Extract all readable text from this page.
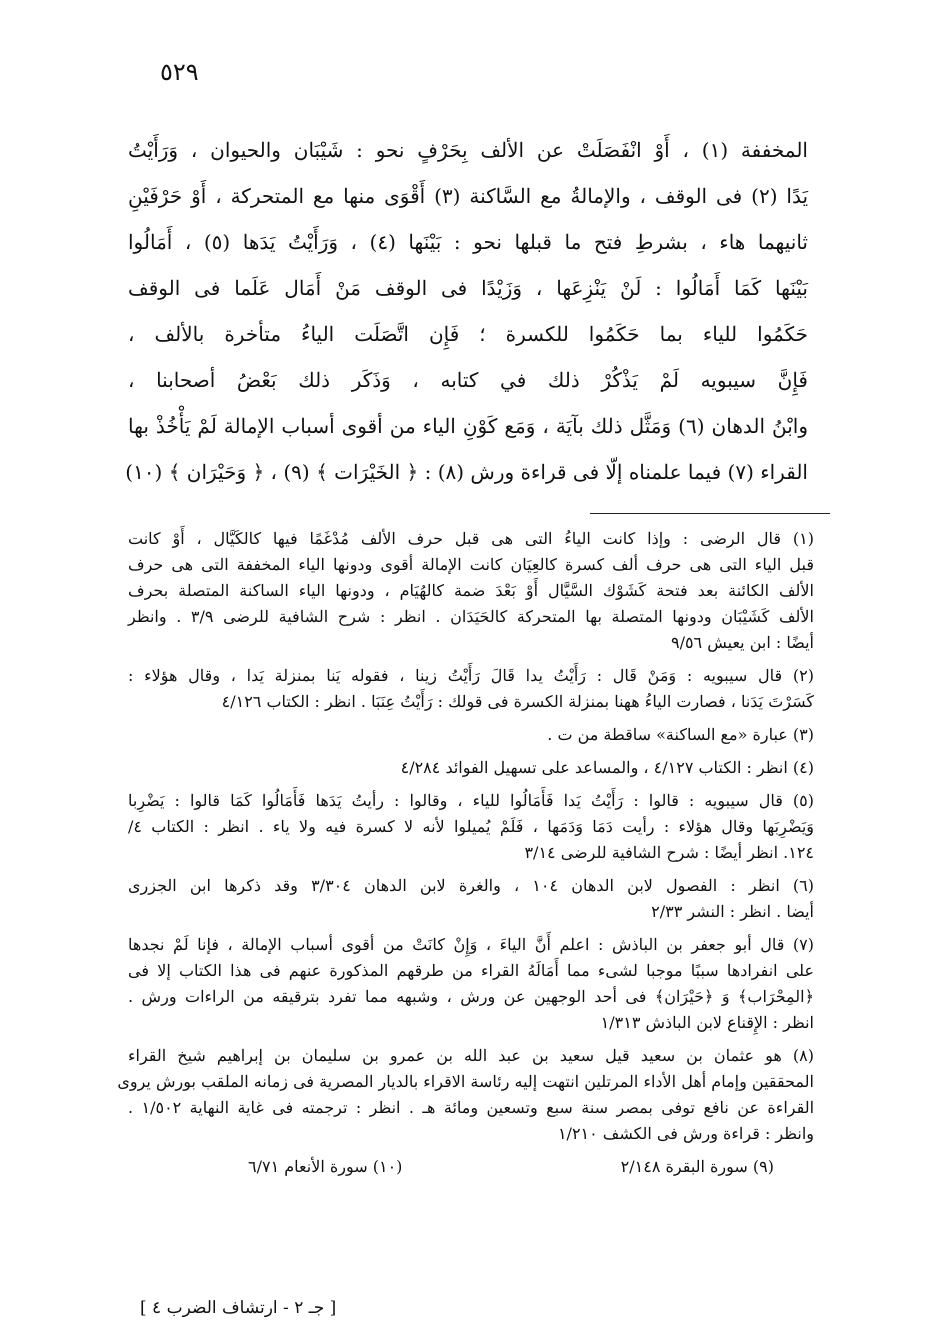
٥٢٩
المخففة (١) ، أَوْ انْفَصَلَتْ عن الألف بِحَرْفٍ نحو : شَيْبَان والحيوان ، وَرَأَيْتُ
يَدًا (٢) فى الوقف ، والإمالةُ مع السَّاكنة (٣) أَقْوَى منها مع المتحركة ، أَوْ حَرْفَيْنِ
ثانيهما هاء ، بشرطِ فتح ما قبلها نحو : بَيْنَها (٤) ، وَرَأَيْتُ يَدَها (٥) ، أَمَالُوا
بَيْنَها كَمَا أَمَالُوا : لَنْ يَنْزِعَها ، وَزَيْدًا فى الوقف مَنْ أَمَال عَلَما فى الوقف
حَكَمُوا للياء بما حَكَمُوا للكسرة ؛ فَإِن اتَّصَلَت الياءُ متأخرة بالألف ،
فَإِنَّ سيبويه لَمْ يَذْكُرْ ذلك في كتابه ، وَذَكَر ذلك بَعْضُ أصحابنا ،
وابْنُ الدهان (٦) وَمَثَّل ذلك بآيَة ، وَمَع كَوْنِ الياء من أقوى أسباب الإمالة لَمْ يَأْخُذْ بها
القراء (٧) فيما علمناه إلّا فى قراءة ورش (٨) : ﴿ الخَيْرَات ﴾ (٩) ، ﴿ وَحَيْرَان ﴾ (١٠)
(١) قال الرضى : وإذا كانت الياءُ التى هى قبل حرف الألف مُدْغَمًا فيها كالكَيَّال ، أَوْ كانت
قبل الياء التى هى حرف ألف كسرة كالعِيَان كانت الإمالة أقوى ودونها الياء المخففة التى هى حرف
الألف الكائنة بعد فتحة كَشَوْك السَّيَّال أَوْ بَعْدَ ضمة كالهُيَام ، ودونها الياء الساكنة المتصلة بحرف
الألف كَشَيْبَان ودونها المتصلة بها المتحركة كالحَيَدَان . انظر : شرح الشافية للرضى ٣/٩ . وانظر
أيضًا : ابن يعيش ٩/٥٦
(٢) قال سيبويه : وَمَنْ قَال : رَأَيْتُ يدا قَالَ رَأَيْتُ زينا ، فقوله يَنا بمنزلة يَدا ، وقال هؤلاء :
كَسَرْتَ يَدَنا ، فصارت الياءُ ههنا بمنزلة الكسرة فى قولك : رَأَيْتُ عِنَبَا . انظر : الكتاب ٤/١٢٦
(٣) عبارة «مع الساكنة» ساقطة من ت .
(٤) انظر : الكتاب ٤/١٢٧ ، والمساعد على تسهيل الفوائد ٤/٢٨٤
(٥) قال سيبويه : قالوا : رَأَيْتُ يَدا فَأَمَالُوا للياء ، وقالوا : رأيتُ يَدَها فَأَمَالُوا كَمَا قالوا : يَضْرِبا
وَيَضْرِبَها وقال هؤلاء : رأيت دَمَا وَدَمَها ، فَلَمْ يُميلوا لأنه لا كسرة فيه ولا ياء . انظر : الكتاب ٤/
١٢٤. انظر أيضًا : شرح الشافية للرضى ٣/١٤
(٦) انظر : الفصول لابن الدهان ١٠٤ ، والغرة لابن الدهان ٣/٣٠٤ وقد ذكرها ابن الجزرى
أيضا . انظر : النشر ٢/٣٣
(٧) قال أبو جعفر بن الباذش : اعلم أَنَّ الياءَ ، وَإِنْ كانَتْ من أقوى أسباب الإمالة ، فإنا لَمْ نجدها
على انفرادها سببًا موجبا لشىء مما أَمَالَهُ القراء من طرقهم المذكورة عنهم فى هذا الكتاب إلا فى
﴿المِحْرَاب﴾ وَ ﴿حَيْرَان﴾ فى أحد الوجهين عن ورش ، وشبهه مما تفرد بترقيقه من الراءات ورش .
انظر : الإِقناع لابن الباذش ١/٣١٣
(٨) هو عثمان بن سعيد قيل سعيد بن عبد الله بن عمرو بن سليمان بن إبراهيم شيخ القراء
المحققين وإمام أهل الأداء المرتلين انتهت إليه رئاسة الاقراء بالديار المصرية فى زمانه الملقب بورش يروى
القراءة عن نافع توفى بمصر سنة سبع وتسعين ومائة هـ . انظر : ترجمته فى غاية النهاية ١/٥٠٢ .
وانظر : قراءة ورش فى الكشف ١/٢١٠
(٩) سورة البقرة ٢/١٤٨
(١٠) سورة الأنعام ٦/٧١
[ جـ ٢ - ارتشاف الضرب ٤ ]
